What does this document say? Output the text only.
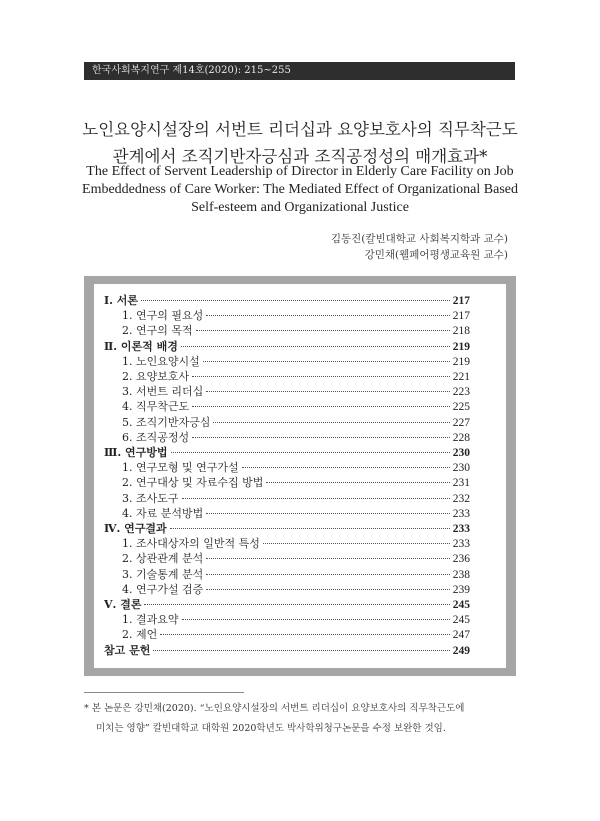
한국사회복지연구 제14호(2020): 215~255
노인요양시설장의 서번트 리더십과 요양보호사의 직무착근도
관계에서 조직기반자긍심과 조직공정성의 매개효과*
The Effect of Servent Leadership of Director in Elderly Care Facility on Job
Embeddedness of Care Worker: The Mediated Effect of Organizational Based
Self-esteem and Organizational Justice
김동진(칼빈대학교 사회복지학과 교수)
강민채(웰페어평생교육원 교수)
Ⅰ. 서론	217
1. 연구의 필요성	217
2. 연구의 목적	218
Ⅱ. 이론적 배경	219
1. 노인요양시설	219
2. 요양보호사	221
3. 서번트 리더십	223
4. 직무착근도	225
5. 조직기반자긍심	227
6. 조직공정성	228
Ⅲ. 연구방법	230
1. 연구모형 및 연구가설	230
2. 연구대상 및 자료수집 방법	231
3. 조사도구	232
4. 자료 분석방법	233
Ⅳ. 연구결과	233
1. 조사대상자의 일반적 특성	233
2. 상관관계 분석	236
3. 기술통계 분석	238
4. 연구가설 검증	239
Ⅴ. 결론	245
1. 결과요약	245
2. 제언	247
참고 문헌	249
* 본 논문은 강민채(2020). “노인요양시설장의 서번트 리더십이 요양보호사의 직무착근도에
미치는 영향” 칼빈대학교 대학원 2020학년도 박사학위청구논문을 수정 보완한 것임.
